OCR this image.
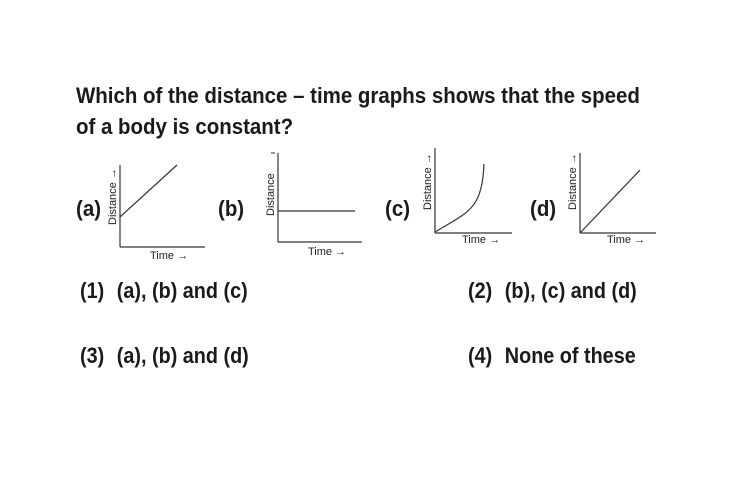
Which of the distance – time graphs shows that the speed
of a body is constant?
(a)	(b)	(c)	(d)
Distance →
Time →
Distance
Time →
Distance →
Time →
Distance →
Time →
(1) (a), (b) and (c)	(2) (b), (c) and (d)
(3) (a), (b) and (d)	(4) None of these
